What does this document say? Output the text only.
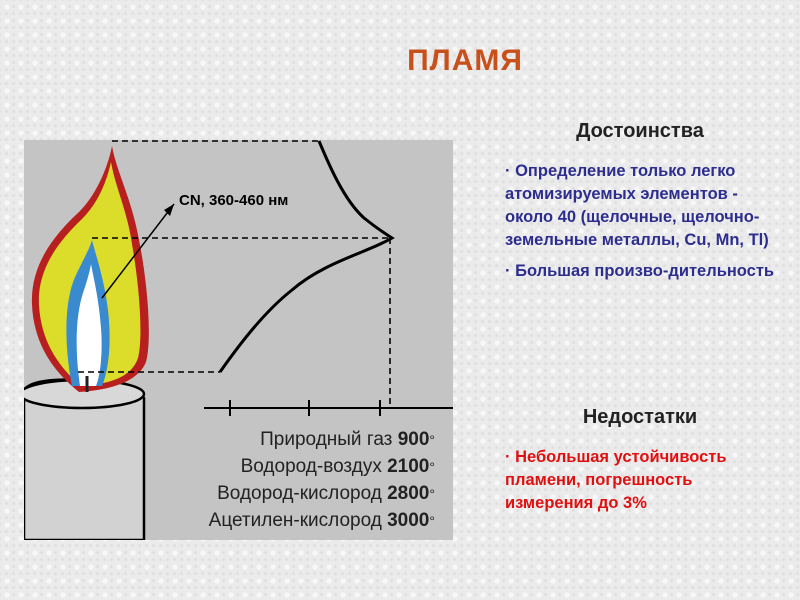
ПЛАМЯ
CN, 360-460 нм
Природный газ 900°
Водород-воздух 2100°
Водород-кислород 2800°
Ацетилен-кислород 3000°
Достоинства
· Определение только легко атомизируемых элементов - около 40 (щелочные, щелочно-земельные металлы, Cu, Mn, Tl)
· Большая произво-дительность
Недостатки
· Небольшая устойчивость пламени, погрешность измерения до 3%
